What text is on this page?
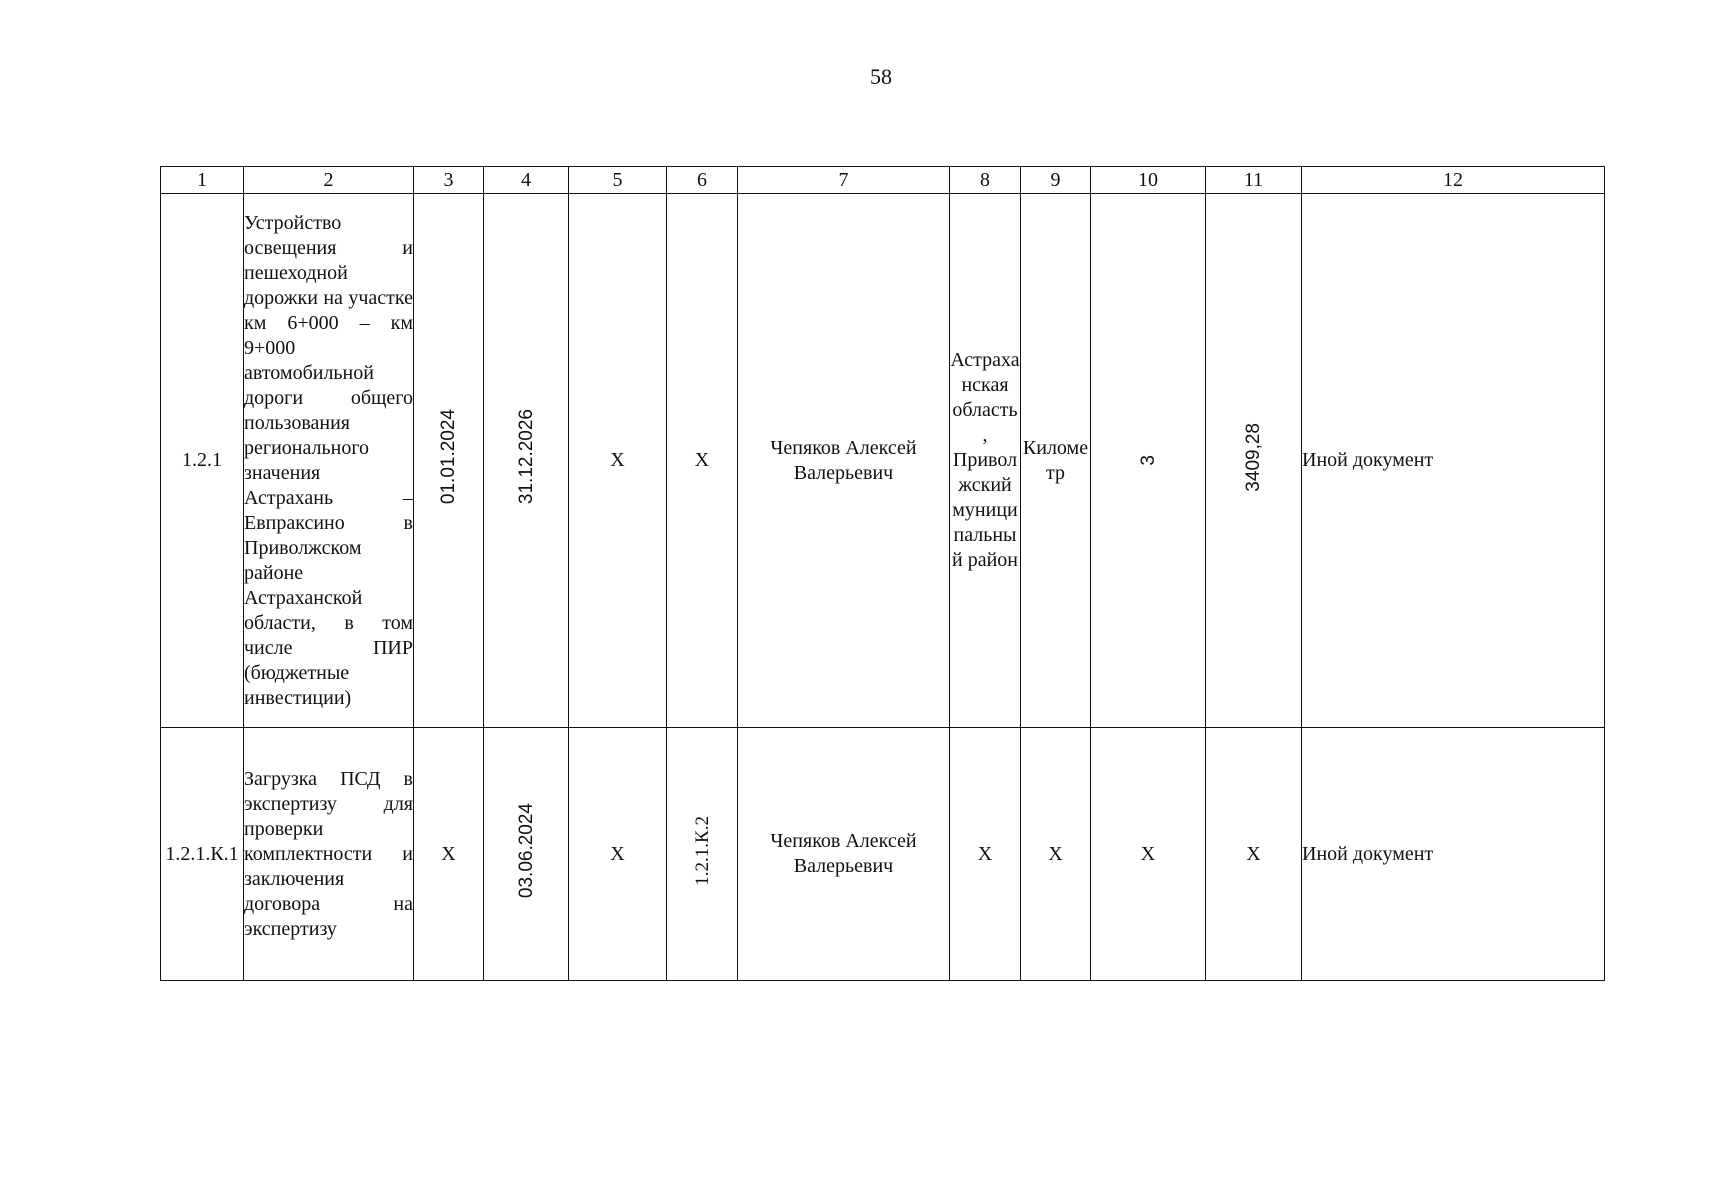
58
1	2	3	4	5	6	7	8	9	10	11	12
1.2.1	Устройство освещения и пешеходной дорожки на участке км 6+000 – км 9+000 автомобильной дороги общего пользования регионального значения Астрахань – Евпраксино в Приволжском районе Астраханской области, в том числе ПИР (бюджетные инвестиции)	01.01.2024	31.12.2026	Х	Х	Чепяков Алексей Валерьевич	Астраханская область, Приволжский муниципальный район	Километр	3	3409,28	Иной документ
1.2.1.К.1	Загрузка ПСД в экспертизу для проверки комплектности и заключения договора на экспертизу	Х	03.06.2024	Х	1.2.1.К.2	Чепяков Алексей Валерьевич	Х	Х	Х	Х	Иной документ
